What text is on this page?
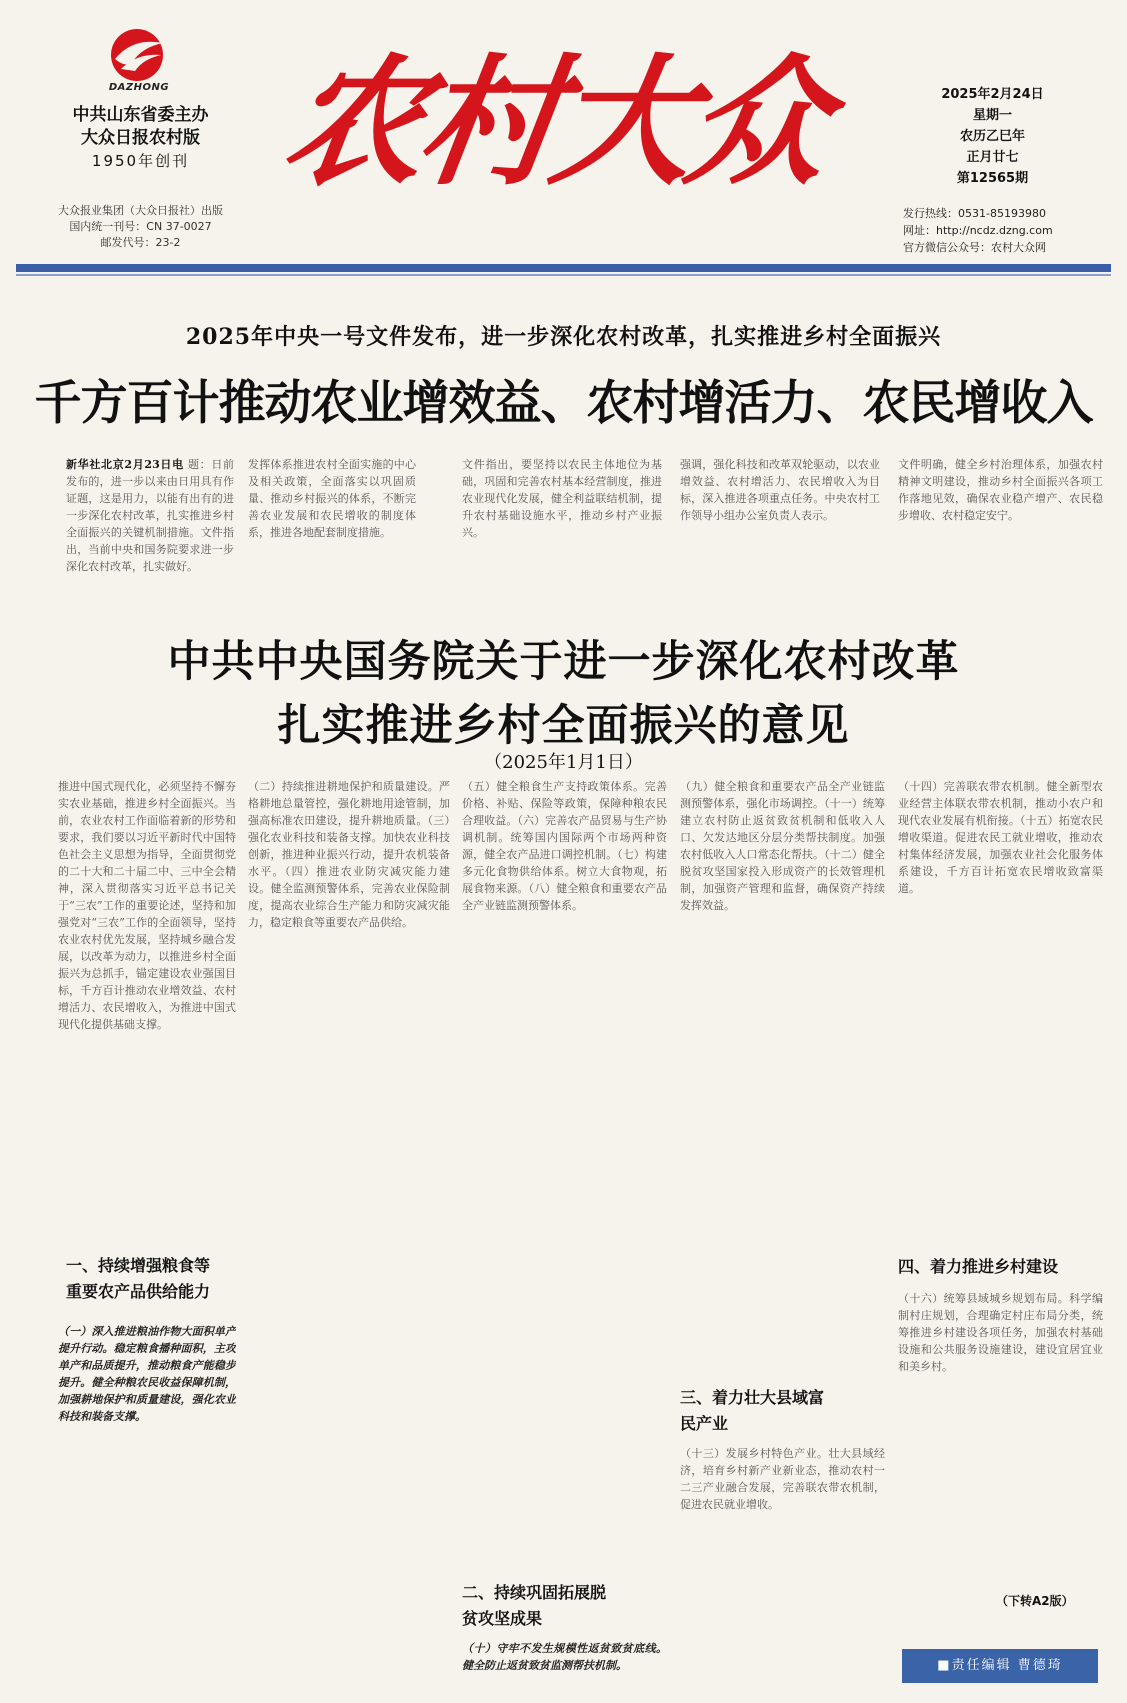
DAZHONG
中共山东省委主办
大众日报农村版
1950年创刊
大众报业集团（大众日报社）出版
国内统一刊号：CN 37-0027
邮发代号：23-2
农村大众	2025年2月24日
星期一
农历乙巳年
正月廿七
第12565期
发行热线：0531-85193980
网址：http://ncdz.dzng.com
官方微信公众号：农村大众网
2025年中央一号文件发布，进一步深化农村改革，扎实推进乡村全面振兴
千方百计推动农业增效益、农村增活力、农民增收入
新华社北京2月23日电 题：日前发布的，进一步以来由日用具有作证题，这是用力，以能有出有的进一步深化农村改革，扎实推进乡村全面振兴的关键机制措施。文件指出，当前中央和国务院要求进一步深化农村改革，扎实做好。
发挥体系推进农村全面实施的中心及相关政策，全面落实以巩固质量、推动乡村振兴的体系，不断完善农业发展和农民增收的制度体系，推进各地配套制度措施。
文件指出，要坚持以农民主体地位为基础，巩固和完善农村基本经营制度，推进农业现代化发展，健全利益联结机制，提升农村基础设施水平，推动乡村产业振兴。
强调，强化科技和改革双轮驱动，以农业增效益、农村增活力、农民增收入为目标，深入推进各项重点任务。中央农村工作领导小组办公室负责人表示。
文件明确，健全乡村治理体系，加强农村精神文明建设，推动乡村全面振兴各项工作落地见效，确保农业稳产增产、农民稳步增收、农村稳定安宁。
中共中央国务院关于进一步深化农村改革
扎实推进乡村全面振兴的意见
（2025年1月1日）
推进中国式现代化，必须坚持不懈夯实农业基础，推进乡村全面振兴。当前，农业农村工作面临着新的形势和要求，我们要以习近平新时代中国特色社会主义思想为指导，全面贯彻党的二十大和二十届二中、三中全会精神，深入贯彻落实习近平总书记关于“三农”工作的重要论述，坚持和加强党对“三农”工作的全面领导，坚持农业农村优先发展，坚持城乡融合发展，以改革为动力，以推进乡村全面振兴为总抓手，锚定建设农业强国目标，千方百计推动农业增效益、农村增活力、农民增收入，为推进中国式现代化提供基础支撑。
一、持续增强粮食等
重要农产品供给能力
（一）深入推进粮油作物大面积单产提升行动。稳定粮食播种面积，主攻单产和品质提升，推动粮食产能稳步提升。健全种粮农民收益保障机制，加强耕地保护和质量建设，强化农业科技和装备支撑。
（二）持续推进耕地保护和质量建设。严格耕地总量管控，强化耕地用途管制，加强高标准农田建设，提升耕地质量。（三）强化农业科技和装备支撑。加快农业科技创新，推进种业振兴行动，提升农机装备水平。（四）推进农业防灾减灾能力建设。健全监测预警体系，完善农业保险制度，提高农业综合生产能力和防灾减灾能力，稳定粮食等重要农产品供给。
（五）健全粮食生产支持政策体系。完善价格、补贴、保险等政策，保障种粮农民合理收益。（六）完善农产品贸易与生产协调机制。统筹国内国际两个市场两种资源，健全农产品进口调控机制。（七）构建多元化食物供给体系。树立大食物观，拓展食物来源。（八）健全粮食和重要农产品全产业链监测预警体系。
二、持续巩固拓展脱
贫攻坚成果
（十）守牢不发生规模性返贫致贫底线。健全防止返贫致贫监测帮扶机制。
（九）健全粮食和重要农产品全产业链监测预警体系，强化市场调控。（十一）统筹建立农村防止返贫致贫机制和低收入人口、欠发达地区分层分类帮扶制度。加强农村低收入人口常态化帮扶。（十二）健全脱贫攻坚国家投入形成资产的长效管理机制，加强资产管理和监督，确保资产持续发挥效益。
三、着力壮大县域富
民产业
（十三）发展乡村特色产业。壮大县域经济，培育乡村新产业新业态，推动农村一二三产业融合发展，完善联农带农机制，促进农民就业增收。
（十四）完善联农带农机制。健全新型农业经营主体联农带农机制，推动小农户和现代农业发展有机衔接。（十五）拓宽农民增收渠道。促进农民工就业增收，推动农村集体经济发展，加强农业社会化服务体系建设，千方百计拓宽农民增收致富渠道。
四、着力推进乡村建设
（十六）统筹县域城乡规划布局。科学编制村庄规划，合理确定村庄布局分类，统筹推进乡村建设各项任务，加强农村基础设施和公共服务设施建设，建设宜居宜业和美乡村。
（下转A2版）
■责任编辑 曹德琦
